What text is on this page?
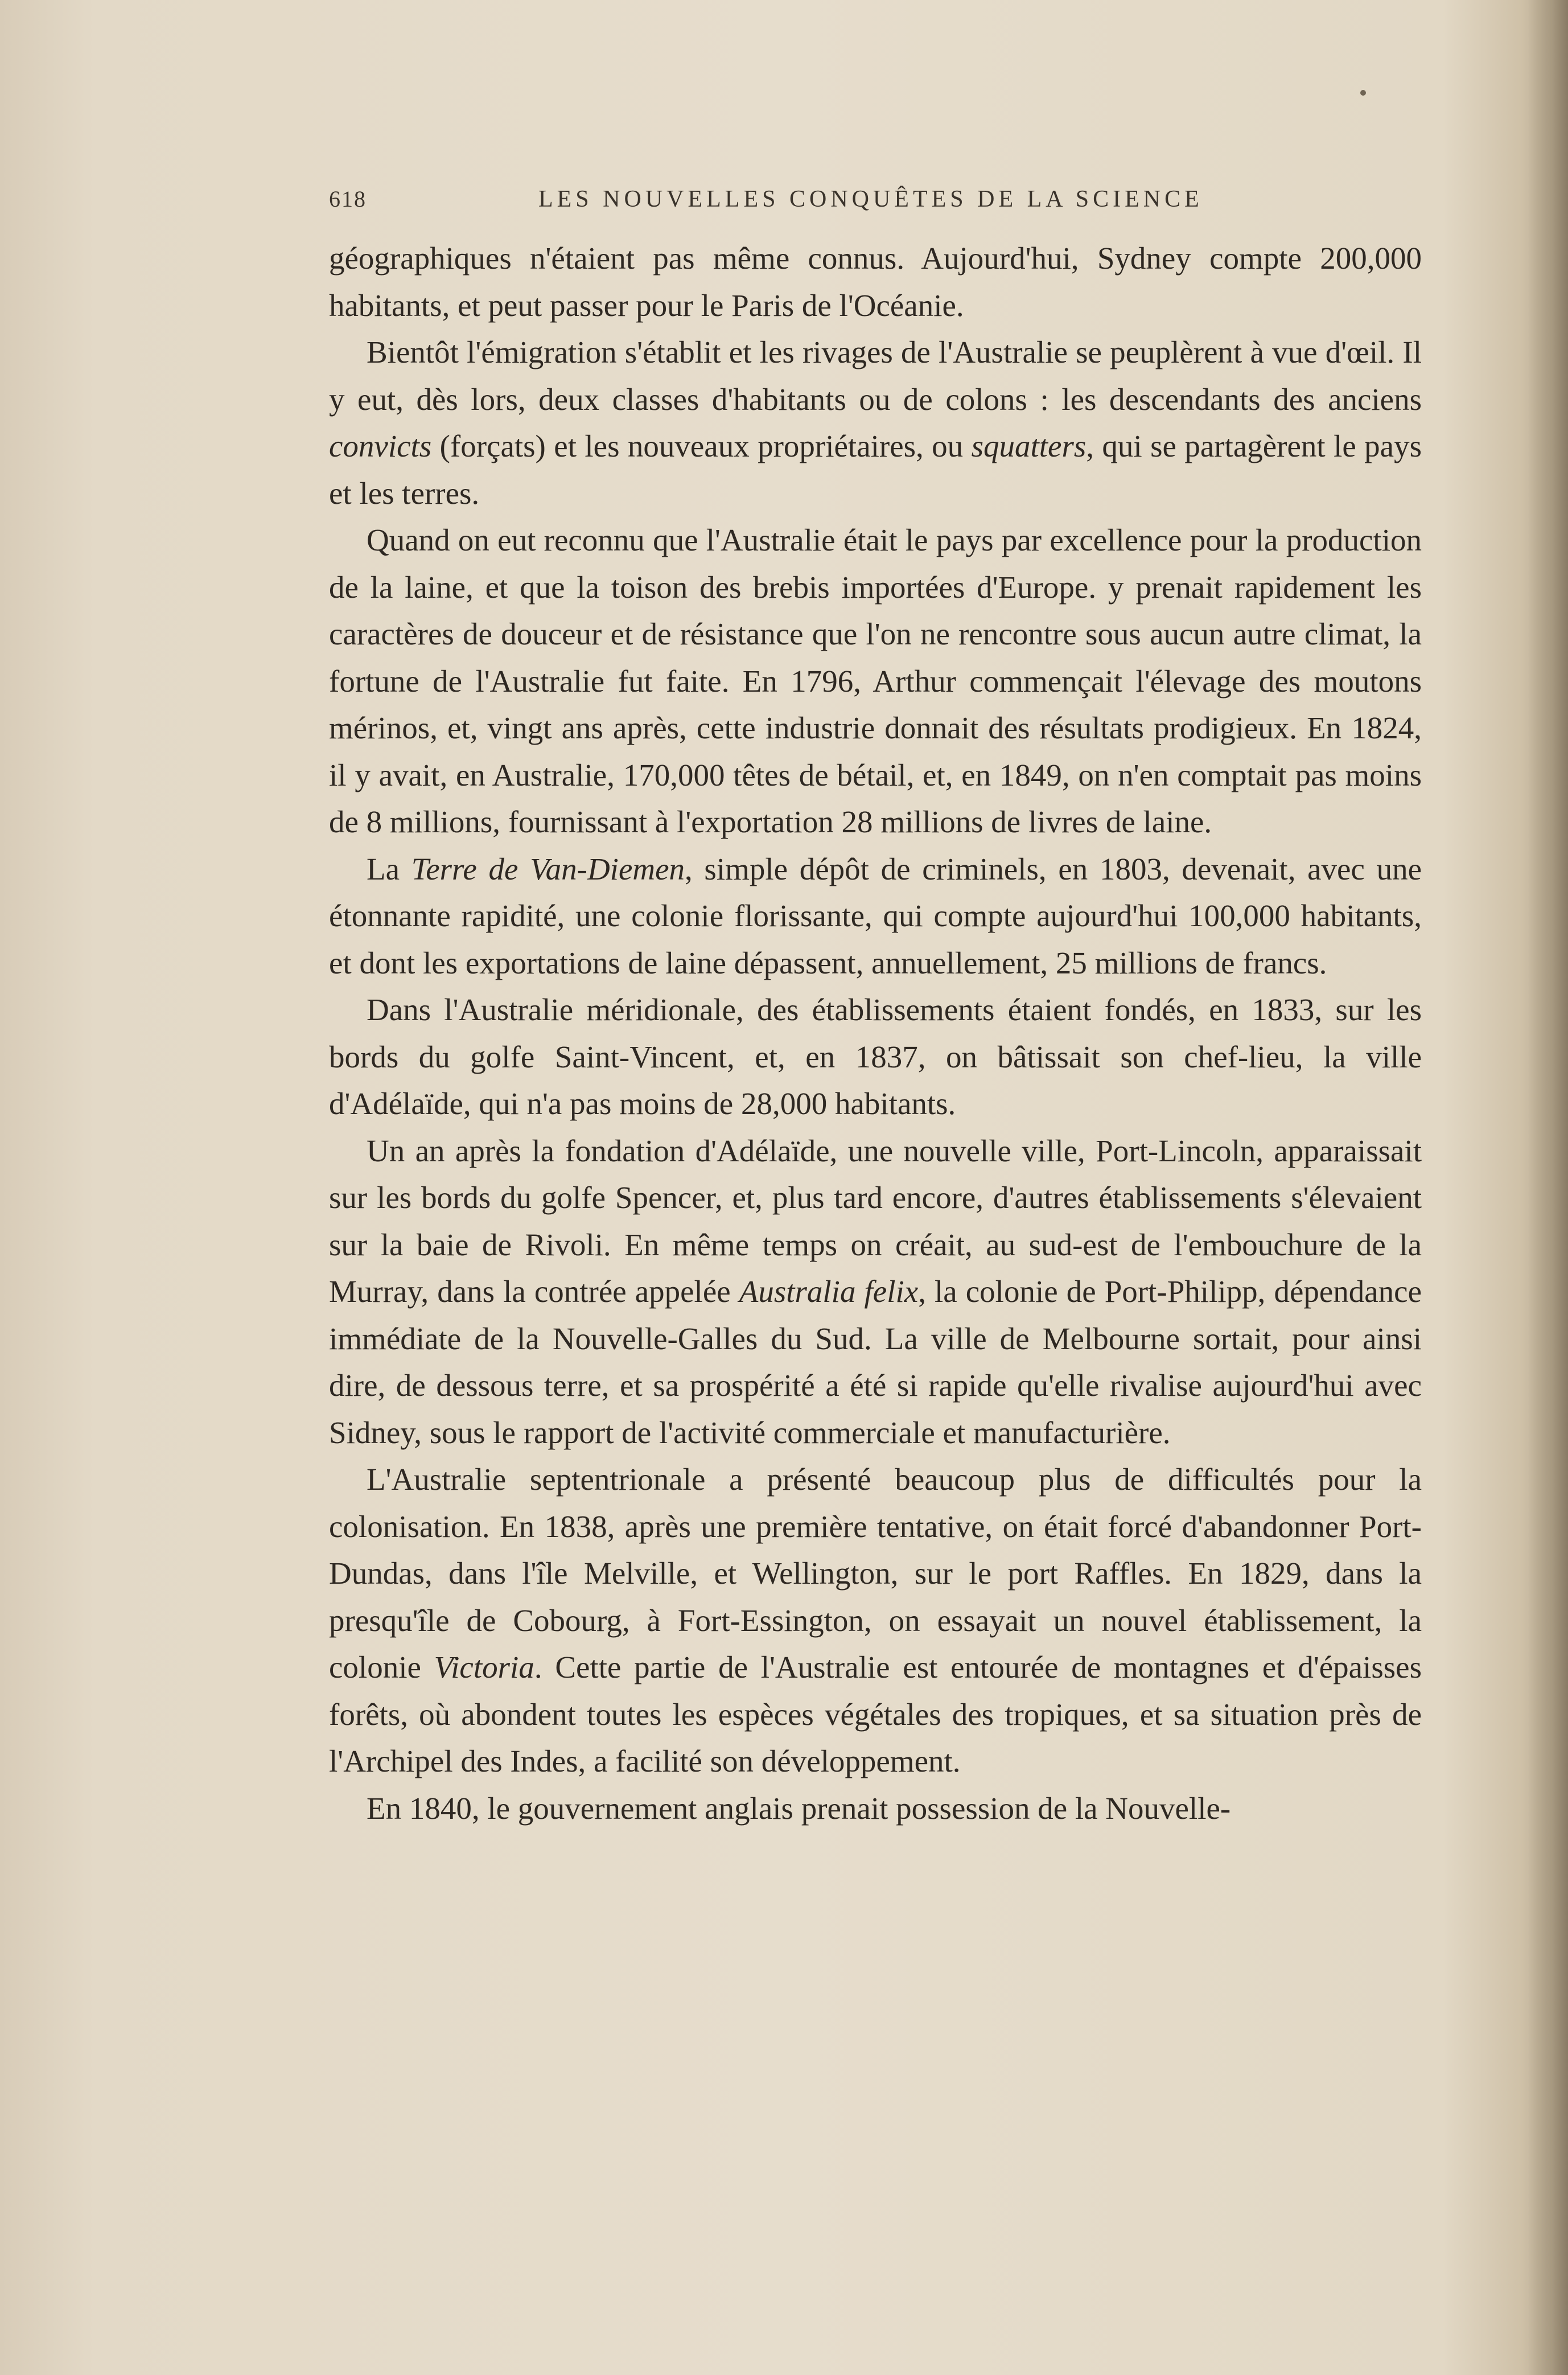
618	LES NOUVELLES CONQUÊTES DE LA SCIENCE

géographiques n'étaient pas même connus. Aujourd'hui, Sydney compte 200,000 habitants, et peut passer pour le Paris de l'Océanie.

Bientôt l'émigration s'établit et les rivages de l'Australie se peuplèrent à vue d'œil. Il y eut, dès lors, deux classes d'habitants ou de colons : les descendants des anciens convicts (forçats) et les nouveaux propriétaires, ou squatters, qui se partagèrent le pays et les terres.

Quand on eut reconnu que l'Australie était le pays par excellence pour la production de la laine, et que la toison des brebis importées d'Europe. y prenait rapidement les caractères de douceur et de résistance que l'on ne rencontre sous aucun autre climat, la fortune de l'Australie fut faite. En 1796, Arthur commençait l'élevage des moutons mérinos, et, vingt ans après, cette industrie donnait des résultats prodigieux. En 1824, il y avait, en Australie, 170,000 têtes de bétail, et, en 1849, on n'en comptait pas moins de 8 millions, fournissant à l'exportation 28 millions de livres de laine.

La Terre de Van-Diemen, simple dépôt de criminels, en 1803, devenait, avec une étonnante rapidité, une colonie florissante, qui compte aujourd'hui 100,000 habitants, et dont les exportations de laine dépassent, annuellement, 25 millions de francs.

Dans l'Australie méridionale, des établissements étaient fondés, en 1833, sur les bords du golfe Saint-Vincent, et, en 1837, on bâtissait son chef-lieu, la ville d'Adélaïde, qui n'a pas moins de 28,000 habitants.

Un an après la fondation d'Adélaïde, une nouvelle ville, Port-Lincoln, apparaissait sur les bords du golfe Spencer, et, plus tard encore, d'autres établissements s'élevaient sur la baie de Rivoli. En même temps on créait, au sud-est de l'embouchure de la Murray, dans la contrée appelée Australia felix, la colonie de Port-Philipp, dépendance immédiate de la Nouvelle-Galles du Sud. La ville de Melbourne sortait, pour ainsi dire, de dessous terre, et sa prospérité a été si rapide qu'elle rivalise aujourd'hui avec Sidney, sous le rapport de l'activité commerciale et manufacturière.

L'Australie septentrionale a présenté beaucoup plus de difficultés pour la colonisation. En 1838, après une première tentative, on était forcé d'abandonner Port-Dundas, dans l'île Melville, et Wellington, sur le port Raffles. En 1829, dans la presqu'île de Cobourg, à Fort-Essington, on essayait un nouvel établissement, la colonie Victoria. Cette partie de l'Australie est entourée de montagnes et d'épaisses forêts, où abondent toutes les espèces végétales des tropiques, et sa situation près de l'Archipel des Indes, a facilité son développement.

En 1840, le gouvernement anglais prenait possession de la Nouvelle-
